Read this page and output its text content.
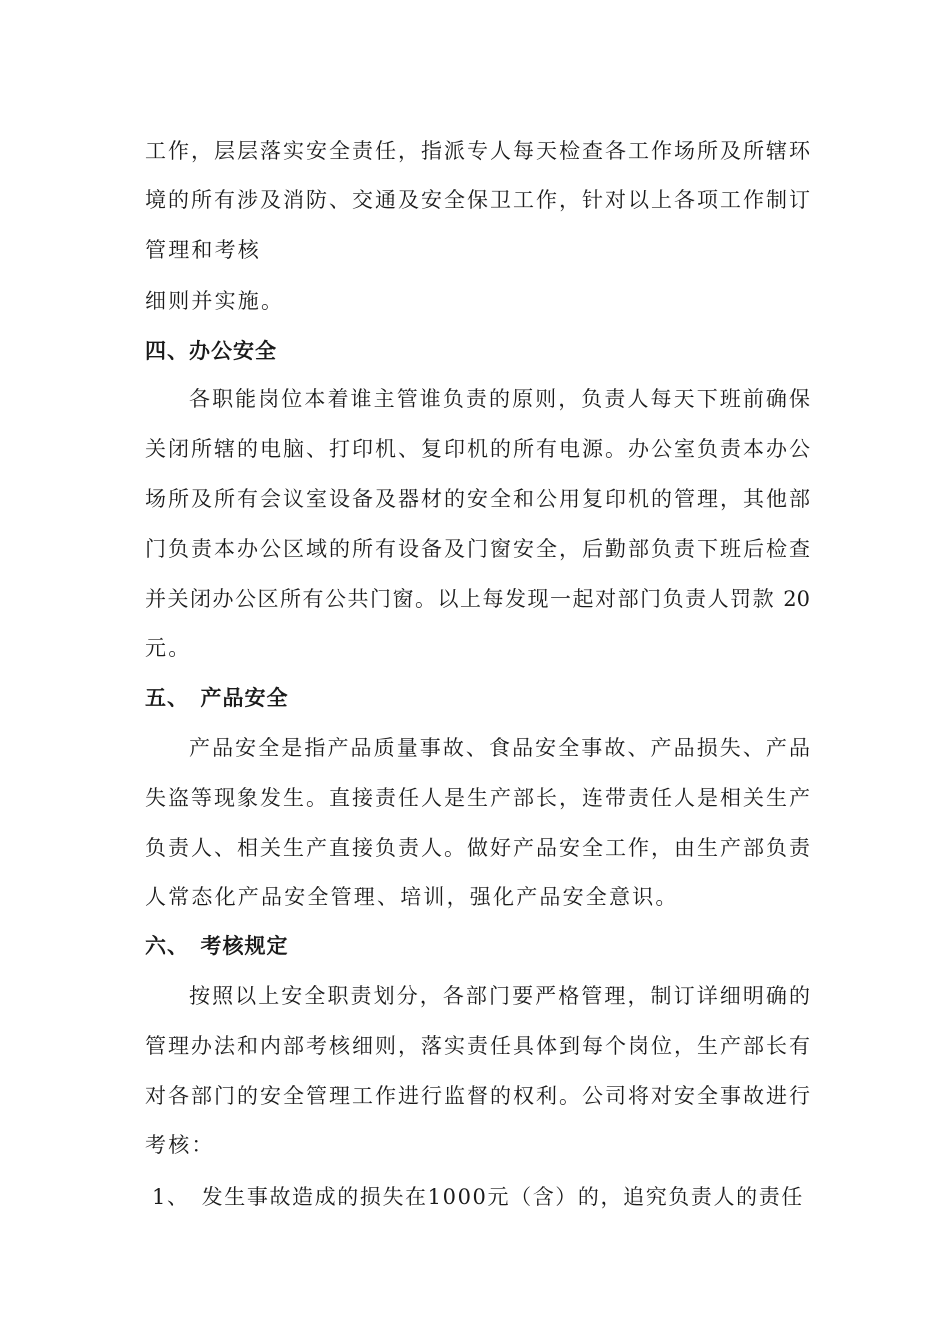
工作，层层落实安全责任，指派专人每天检查各工作场所及所辖环
境的所有涉及消防、交通及安全保卫工作，针对以上各项工作制订
管理和考核
细则并实施。
四、办公安全
各职能岗位本着谁主管谁负责的原则，负责人每天下班前确保
关闭所辖的电脑、打印机、复印机的所有电源。办公室负责本办公
场所及所有会议室设备及器材的安全和公用复印机的管理，其他部
门负责本办公区域的所有设备及门窗安全，后勤部负责下班后检查
并关闭办公区所有公共门窗。以上每发现一起对部门负责人罚款 20
元。
五、　产品安全
产品安全是指产品质量事故、食品安全事故、产品损失、产品
失盗等现象发生。直接责任人是生产部长，连带责任人是相关生产
负责人、相关生产直接负责人。做好产品安全工作，由生产部负责
人常态化产品安全管理、培训，强化产品安全意识。
六、　考核规定
按照以上安全职责划分，各部门要严格管理，制订详细明确的
管理办法和内部考核细则，落实责任具体到每个岗位，生产部长有
对各部门的安全管理工作进行监督的权利。公司将对安全事故进行
考核：
1、　发生事故造成的损失在1000元（含）的，追究负责人的责任
